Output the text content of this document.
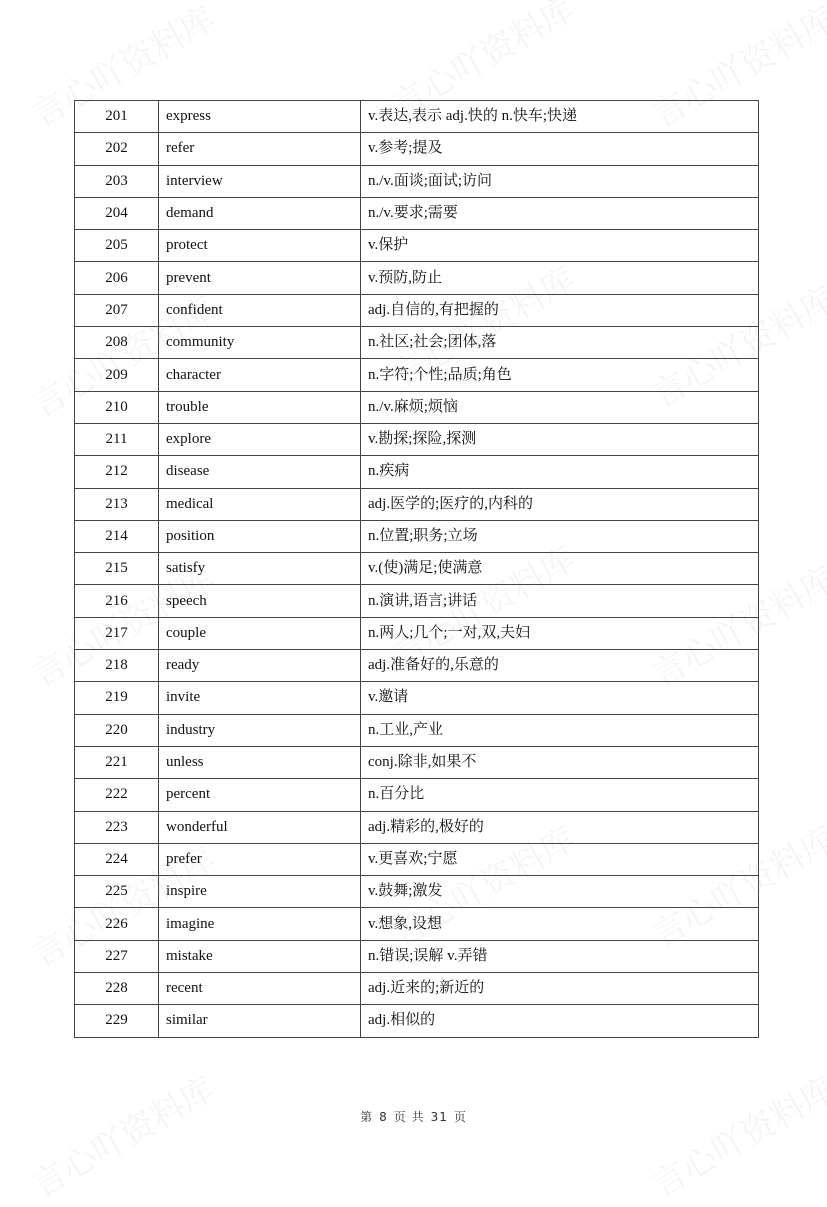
201	express	v.表达,表示 adj.快的 n.快车;快递
202	refer	v.参考;提及
203	interview	n./v.面谈;面试;访问
204	demand	n./v.要求;需要
205	protect	v.保护
206	prevent	v.预防,防止
207	confident	adj.自信的,有把握的
208	community	n.社区;社会;团体,落
209	character	n.字符;个性;品质;角色
210	trouble	n./v.麻烦;烦恼
211	explore	v.勘探;探险,探测
212	disease	n.疾病
213	medical	adj.医学的;医疗的,内科的
214	position	n.位置;职务;立场
215	satisfy	v.(使)满足;使满意
216	speech	n.演讲,语言;讲话
217	couple	n.两人;几个;一对,双,夫妇
218	ready	adj.准备好的,乐意的
219	invite	v.邀请
220	industry	n.工业,产业
221	unless	conj.除非,如果不
222	percent	n.百分比
223	wonderful	adj.精彩的,极好的
224	prefer	v.更喜欢;宁愿
225	inspire	v.鼓舞;激发
226	imagine	v.想象,设想
227	mistake	n.错误;误解 v.弄错
228	recent	adj.近来的;新近的
229	similar	adj.相似的
第 8 页 共 31 页
